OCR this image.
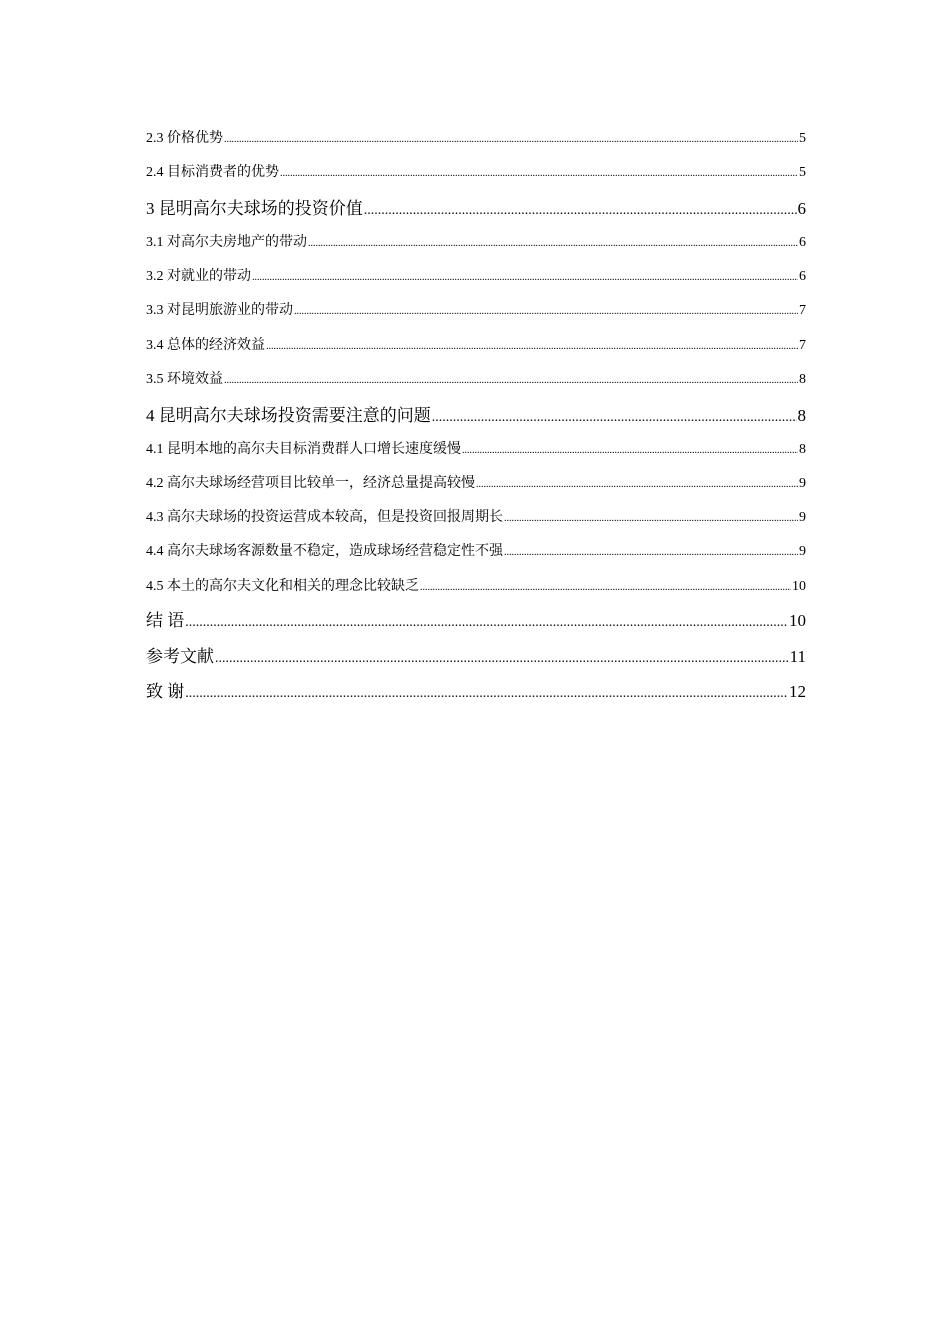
2.3 价格优势 .....	5
2.4 目标消费者的优势 .....	5
3 昆明高尔夫球场的投资价值 .....	6
3.1 对高尔夫房地产的带动 .....	6
3.2 对就业的带动 .....	6
3.3 对昆明旅游业的带动 .....	7
3.4 总体的经济效益 .....	7
3.5 环境效益 .....	8
4 昆明高尔夫球场投资需要注意的问题 .....	8
4.1 昆明本地的高尔夫目标消费群人口增长速度缓慢 .....	8
4.2 高尔夫球场经营项目比较单一，经济总量提高较慢 .....	9
4.3 高尔夫球场的投资运营成本较高，但是投资回报周期长 .....	9
4.4 高尔夫球场客源数量不稳定，造成球场经营稳定性不强 .....	9
4.5 本土的高尔夫文化和相关的理念比较缺乏 .....	10
结 语 .....	10
参考文献 .....	11
致 谢 .....	12
